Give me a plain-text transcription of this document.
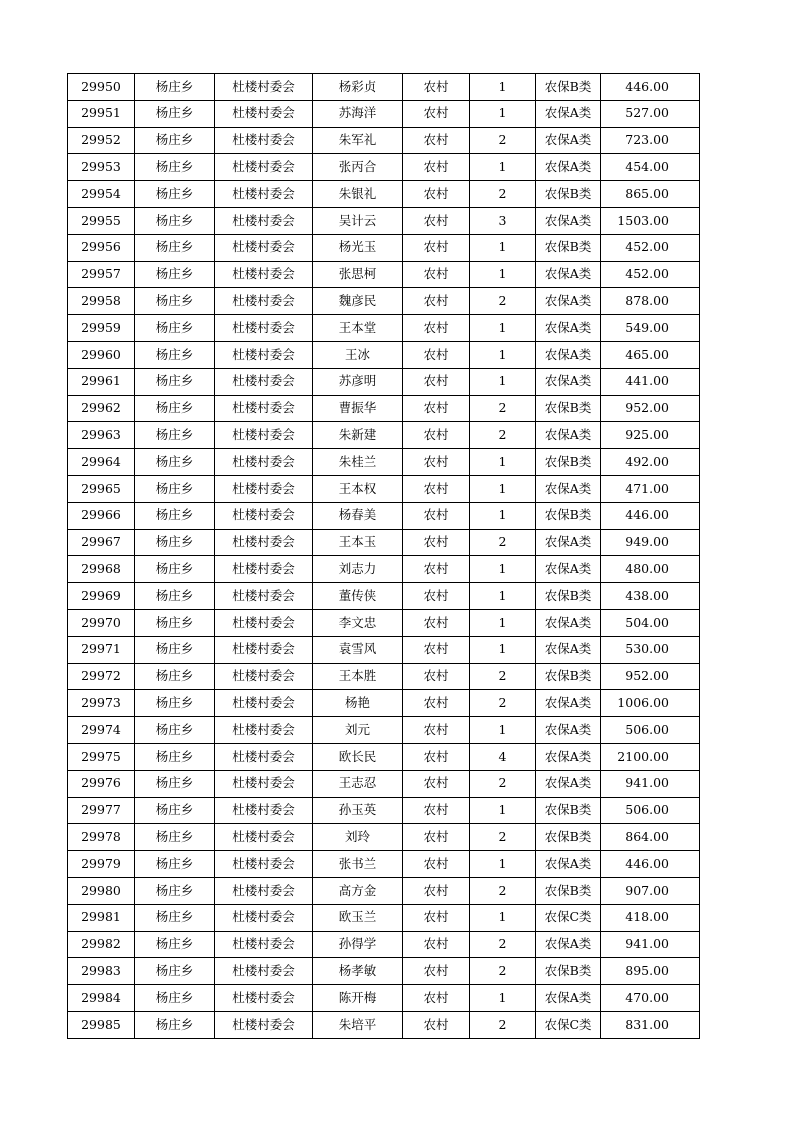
29950	杨庄乡	杜楼村委会	杨彩贞	农村	1	农保B类	446.00
29951	杨庄乡	杜楼村委会	苏海洋	农村	1	农保A类	527.00
29952	杨庄乡	杜楼村委会	朱军礼	农村	2	农保A类	723.00
29953	杨庄乡	杜楼村委会	张丙合	农村	1	农保A类	454.00
29954	杨庄乡	杜楼村委会	朱银礼	农村	2	农保B类	865.00
29955	杨庄乡	杜楼村委会	吴计云	农村	3	农保A类	1503.00
29956	杨庄乡	杜楼村委会	杨光玉	农村	1	农保B类	452.00
29957	杨庄乡	杜楼村委会	张思柯	农村	1	农保A类	452.00
29958	杨庄乡	杜楼村委会	魏彦民	农村	2	农保A类	878.00
29959	杨庄乡	杜楼村委会	王本堂	农村	1	农保A类	549.00
29960	杨庄乡	杜楼村委会	王冰	农村	1	农保A类	465.00
29961	杨庄乡	杜楼村委会	苏彦明	农村	1	农保A类	441.00
29962	杨庄乡	杜楼村委会	曹振华	农村	2	农保B类	952.00
29963	杨庄乡	杜楼村委会	朱新建	农村	2	农保A类	925.00
29964	杨庄乡	杜楼村委会	朱桂兰	农村	1	农保B类	492.00
29965	杨庄乡	杜楼村委会	王本权	农村	1	农保A类	471.00
29966	杨庄乡	杜楼村委会	杨春美	农村	1	农保B类	446.00
29967	杨庄乡	杜楼村委会	王本玉	农村	2	农保A类	949.00
29968	杨庄乡	杜楼村委会	刘志力	农村	1	农保A类	480.00
29969	杨庄乡	杜楼村委会	董传侠	农村	1	农保B类	438.00
29970	杨庄乡	杜楼村委会	李文忠	农村	1	农保A类	504.00
29971	杨庄乡	杜楼村委会	袁雪风	农村	1	农保A类	530.00
29972	杨庄乡	杜楼村委会	王本胜	农村	2	农保B类	952.00
29973	杨庄乡	杜楼村委会	杨艳	农村	2	农保A类	1006.00
29974	杨庄乡	杜楼村委会	刘元	农村	1	农保A类	506.00
29975	杨庄乡	杜楼村委会	欧长民	农村	4	农保A类	2100.00
29976	杨庄乡	杜楼村委会	王志忍	农村	2	农保A类	941.00
29977	杨庄乡	杜楼村委会	孙玉英	农村	1	农保B类	506.00
29978	杨庄乡	杜楼村委会	刘玲	农村	2	农保B类	864.00
29979	杨庄乡	杜楼村委会	张书兰	农村	1	农保A类	446.00
29980	杨庄乡	杜楼村委会	高方金	农村	2	农保B类	907.00
29981	杨庄乡	杜楼村委会	欧玉兰	农村	1	农保C类	418.00
29982	杨庄乡	杜楼村委会	孙得学	农村	2	农保A类	941.00
29983	杨庄乡	杜楼村委会	杨孝敏	农村	2	农保B类	895.00
29984	杨庄乡	杜楼村委会	陈开梅	农村	1	农保A类	470.00
29985	杨庄乡	杜楼村委会	朱培平	农村	2	农保C类	831.00
